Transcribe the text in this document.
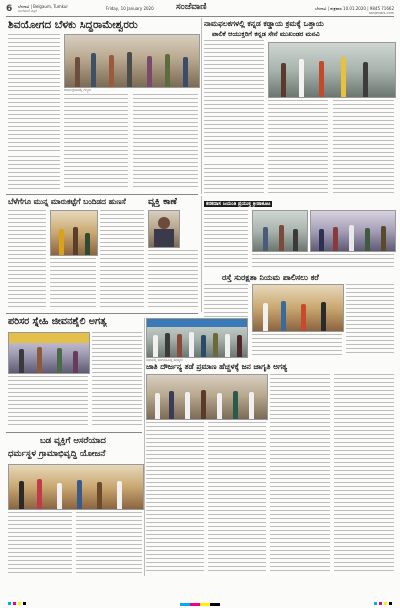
6 ಬೆಳಗಾವಿ | Belgaum, Tumkur
ಸಂಜೆವಾಣಿ ಪತ್ರಿಕೆ	Friday, 10 January 2020 ಸಂಜೆವಾಣಿ	ಬೆಳಗಾವಿ | ಶುಕ್ರವಾರ 10.01.2020 | 9845 71662
sanjevani.com
ಶಿವಯೋಗದ ಬೆಳಕು ಸಿದ್ಧರಾಮೇಶ್ವರರು	ನಾಮಫಲಕಗಳಲ್ಲಿ ಕನ್ನಡ ಕಡ್ಡಾಯ ಕ್ರಮಕ್ಕೆ ಒತ್ತಾಯ
ಪಾಲಿಕೆ ಆಯುಕ್ತರಿಗೆ ಕನ್ನಡ ಸೇನೆ ಮುಖಂಡರ ಮನವಿ
ಕಾರ್ಯಕ್ರಮದಲ್ಲಿ ಗಣ್ಯರು
ಬೆಳೆಗೆಗೂ ಮುನ್ನ ಮಾರುಕಟ್ಟೆಗೆ ಬಂದಿಡದ ಹುಣಸೆ	ವ್ಯಕ್ತಿ ಕಾಣೆ	ಕನಕದಾಸ ಜಯಂತಿ ಪ್ರಯುಕ್ತ ಕ್ರೀಡಾಕೂಟ
ರಸ್ತೆ ಸುರಕ್ಷತಾ ನಿಯಮ ಪಾಲಿಸಲು ಕರೆ
ಪರಿಸರ ಸ್ನೇಹಿ ಜೀವನಶೈಲಿ ಅಗತ್ಯ
ಸಭೆಯಲ್ಲಿ ಭಾಗವಹಿಸಿದ್ದ ಸದಸ್ಯರು
ಜಾತಿ ದೌರ್ಜನ್ಯ ತಡೆ ಪ್ರಮಾಣ ಹೆಚ್ಚಳಕ್ಕೆ ಜನ ಜಾಗೃತಿ ಅಗತ್ಯ
ಬಡ ವ್ಯಕ್ತಿಗೆ ಆಸರೆಯಾದ
ಧರ್ಮಸ್ಥಳ ಗ್ರಾಮಾಭಿವೃದ್ಧಿ ಯೋಜನೆ
